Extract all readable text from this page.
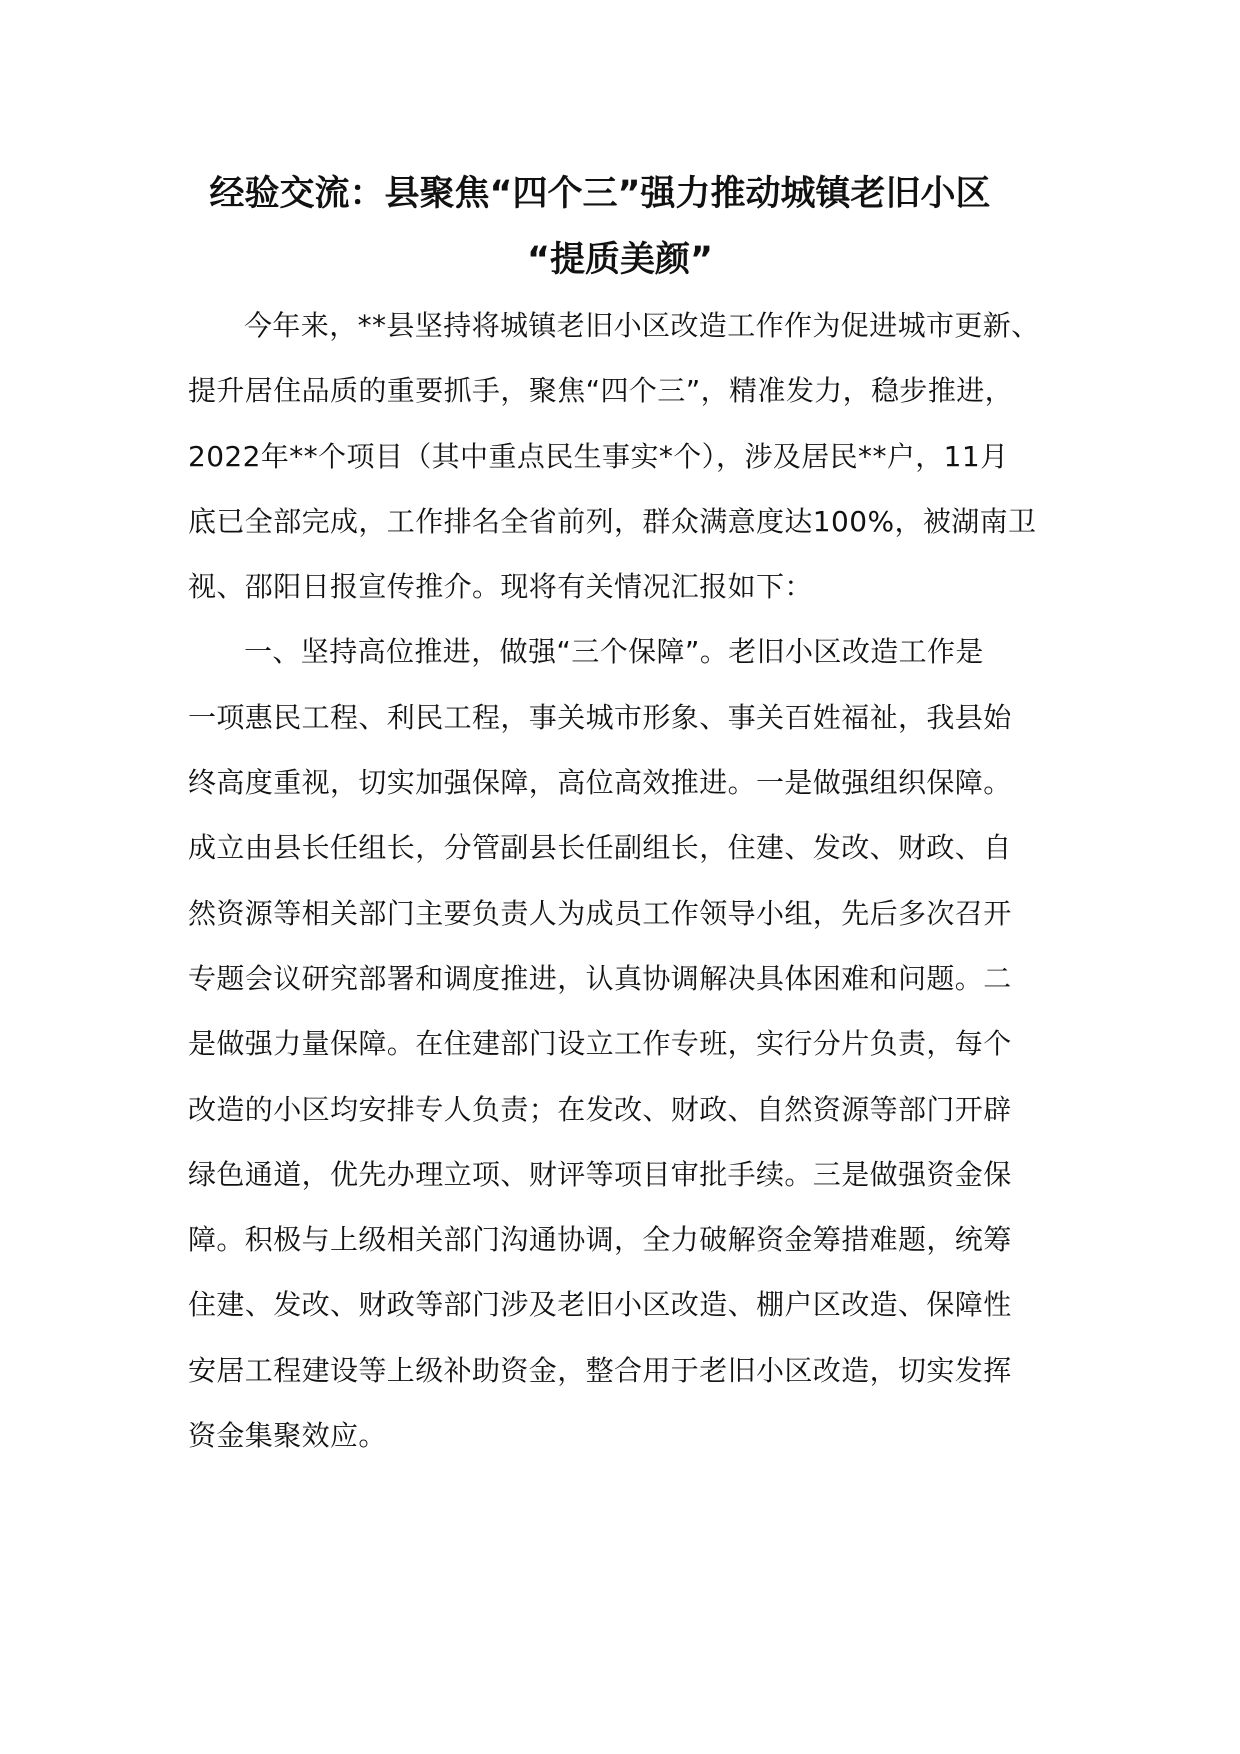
经验交流：县聚焦“四个三”强力推动城镇老旧小区
“提质美颜”
今年来，**县坚持将城镇老旧小区改造工作作为促进城市更新、
提升居住品质的重要抓手，聚焦“四个三”，精准发力，稳步推进，
2022年**个项目（其中重点民生事实*个），涉及居民**户，11月
底已全部完成，工作排名全省前列，群众满意度达100%，被湖南卫
视、邵阳日报宣传推介。现将有关情况汇报如下：
一、坚持高位推进，做强“三个保障”。老旧小区改造工作是
一项惠民工程、利民工程，事关城市形象、事关百姓福祉，我县始
终高度重视，切实加强保障，高位高效推进。一是做强组织保障。
成立由县长任组长，分管副县长任副组长，住建、发改、财政、自
然资源等相关部门主要负责人为成员工作领导小组，先后多次召开
专题会议研究部署和调度推进，认真协调解决具体困难和问题。二
是做强力量保障。在住建部门设立工作专班，实行分片负责，每个
改造的小区均安排专人负责；在发改、财政、自然资源等部门开辟
绿色通道，优先办理立项、财评等项目审批手续。三是做强资金保
障。积极与上级相关部门沟通协调，全力破解资金筹措难题，统筹
住建、发改、财政等部门涉及老旧小区改造、棚户区改造、保障性
安居工程建设等上级补助资金，整合用于老旧小区改造，切实发挥
资金集聚效应。
